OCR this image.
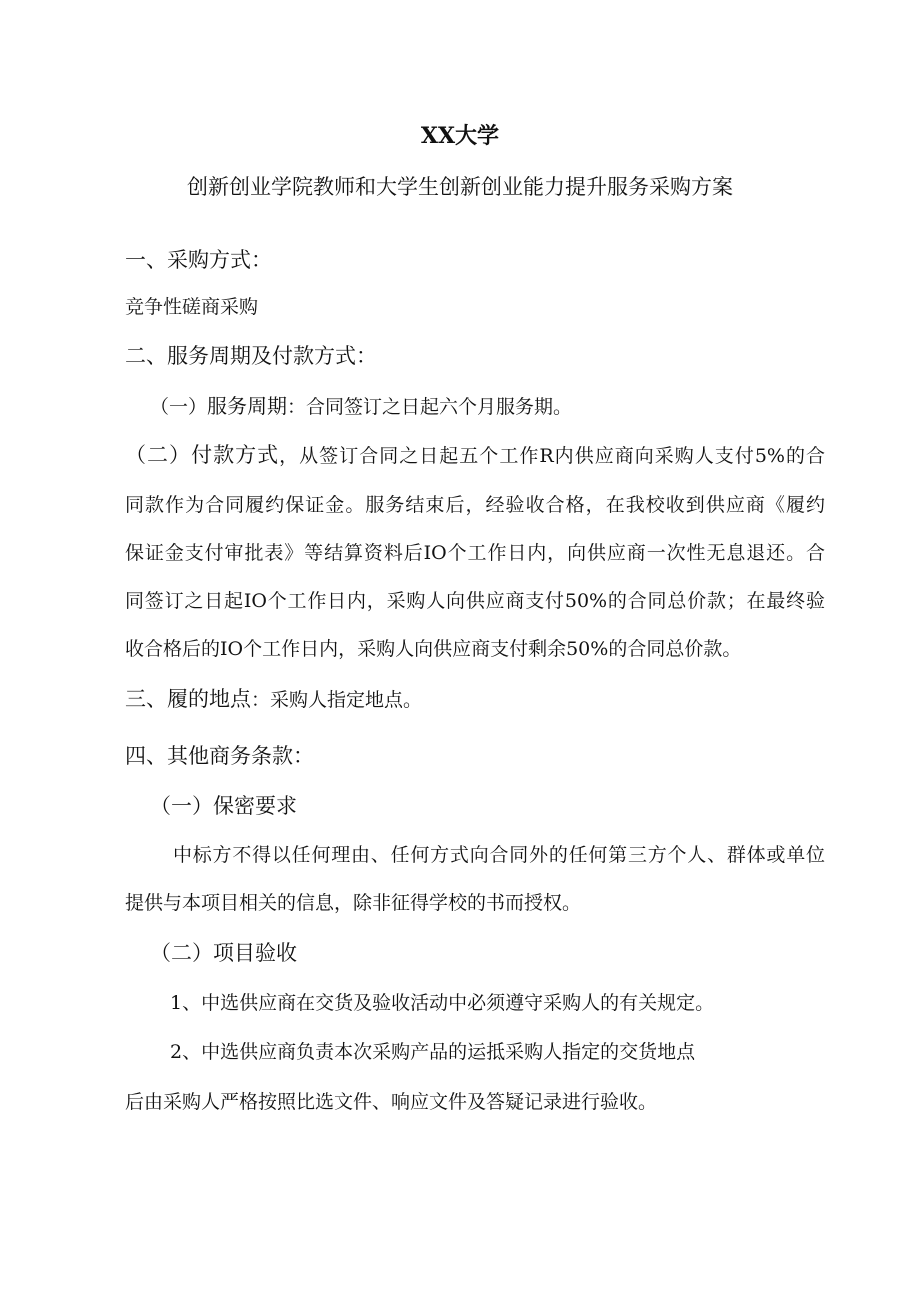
XX大学

创新创业学院教师和大学生创新创业能力提升服务采购方案

一、采购方式：

竞争性磋商采购

二、服务周期及付款方式：

（一）服务周期：合同签订之日起六个月服务期。

（二）付款方式，从签订合同之日起五个工作R内供应商向采购人支付5%的合

同款作为合同履约保证金。服务结束后，经验收合格，在我校收到供应商《履约

保证金支付审批表》等结算资料后IO个工作日内，向供应商一次性无息退还。合

同签订之日起IO个工作日内，采购人向供应商支付50%的合同总价款；在最终验

收合格后的IO个工作日内，采购人向供应商支付剩余50%的合同总价款。

三、履的地点：采购人指定地点。

四、其他商务条款：

（一）保密要求

中标方不得以任何理由、任何方式向合同外的任何第三方个人、群体或单位

提供与本项目相关的信息，除非征得学校的书而授权。

（二）项目验收

1、中选供应商在交货及验收活动中必须遵守采购人的有关规定。

2、中选供应商负责本次采购产品的运抵采购人指定的交货地点

后由采购人严格按照比选文件、响应文件及答疑记录进行验收。
